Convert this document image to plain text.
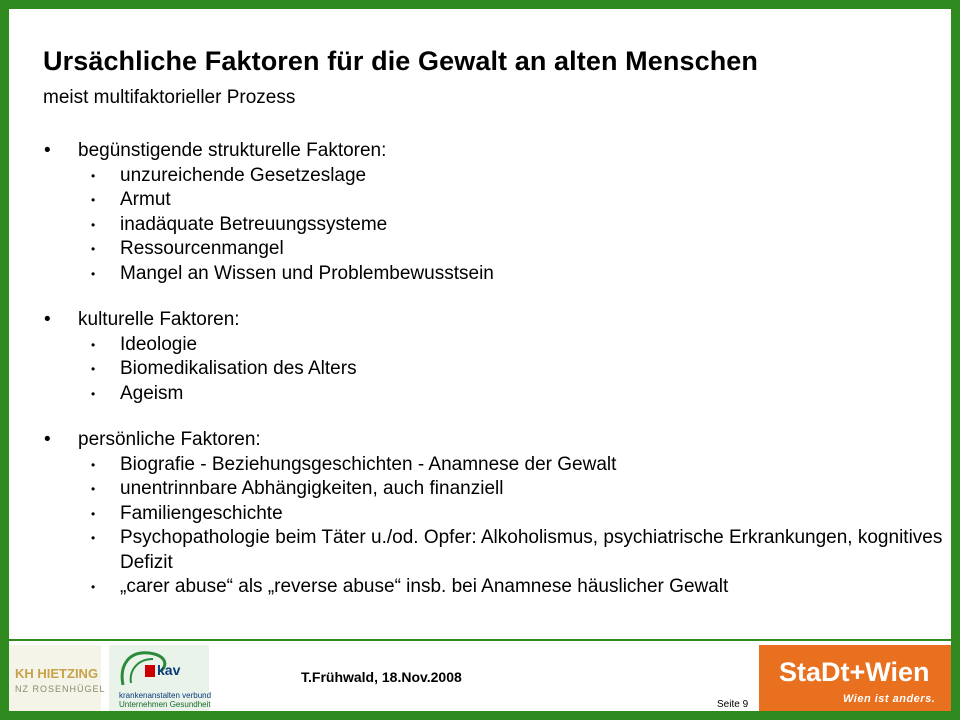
Ursächliche Faktoren für die Gewalt an alten Menschen
meist multifaktorieller Prozess
• begünstigende strukturelle Faktoren:
• unzureichende Gesetzeslage
• Armut
• inadäquate Betreuungssysteme
• Ressourcenmangel
• Mangel an Wissen und Problembewusstsein
• kulturelle Faktoren:
• Ideologie
• Biomedikalisation des Alters
• Ageism
• persönliche Faktoren:
• Biografie - Beziehungsgeschichten - Anamnese der Gewalt
• unentrinnbare Abhängigkeiten, auch finanziell
• Familiengeschichte
• Psychopathologie beim Täter u./od. Opfer: Alkoholismus, psychiatrische Erkrankungen, kognitives Defizit
• „carer abuse“ als „reverse abuse“ insb. bei Anamnese häuslicher Gewalt
KH HIETZING
NZ ROSENHÜGEL
kav
krankenanstalten verbund
Unternehmen Gesundheit
T.Frühwald, 18.Nov.2008
Seite 9
StaDt+Wien
Wien ist anders.
